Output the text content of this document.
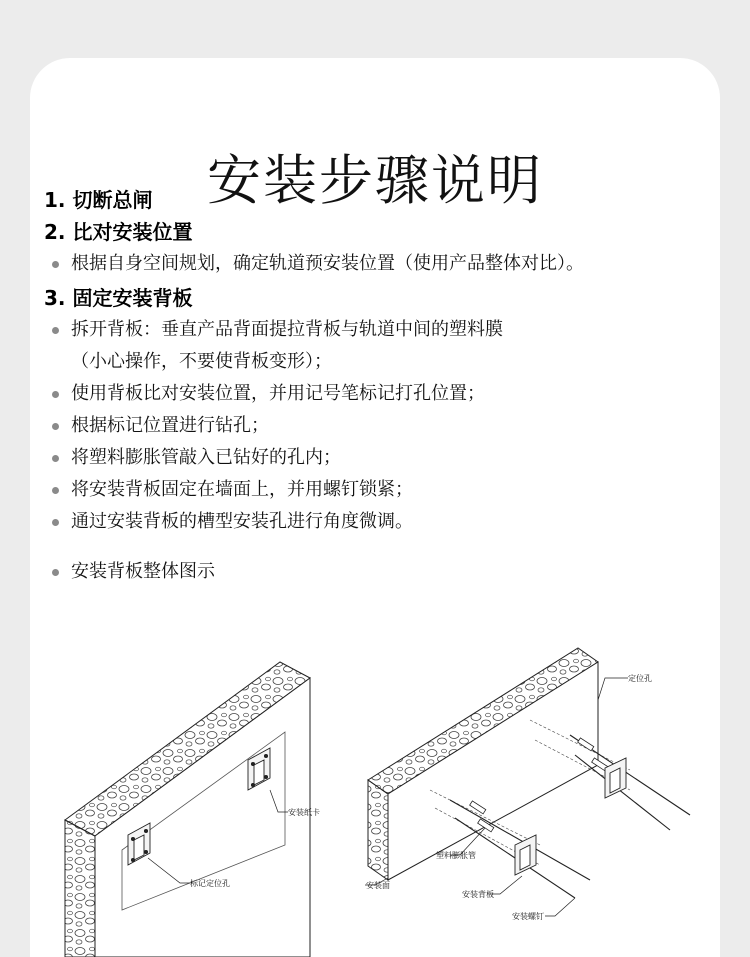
安装步骤说明
1. 切断总闸
2. 比对安装位置
根据自身空间规划，确定轨道预安装位置（使用产品整体对比）。
3. 固定安装背板
拆开背板：垂直产品背面提拉背板与轨道中间的塑料膜
（小心操作，不要使背板变形）；
使用背板比对安装位置，并用记号笔标记打孔位置；
根据标记位置进行钻孔；
将塑料膨胀管敲入已钻好的孔内；
将安装背板固定在墙面上，并用螺钉锁紧；
通过安装背板的槽型安装孔进行角度微调。
安装背板整体图示
安装纸卡
标记定位孔
定位孔
安装面
塑料膨胀管
安装背板
安装螺钉
